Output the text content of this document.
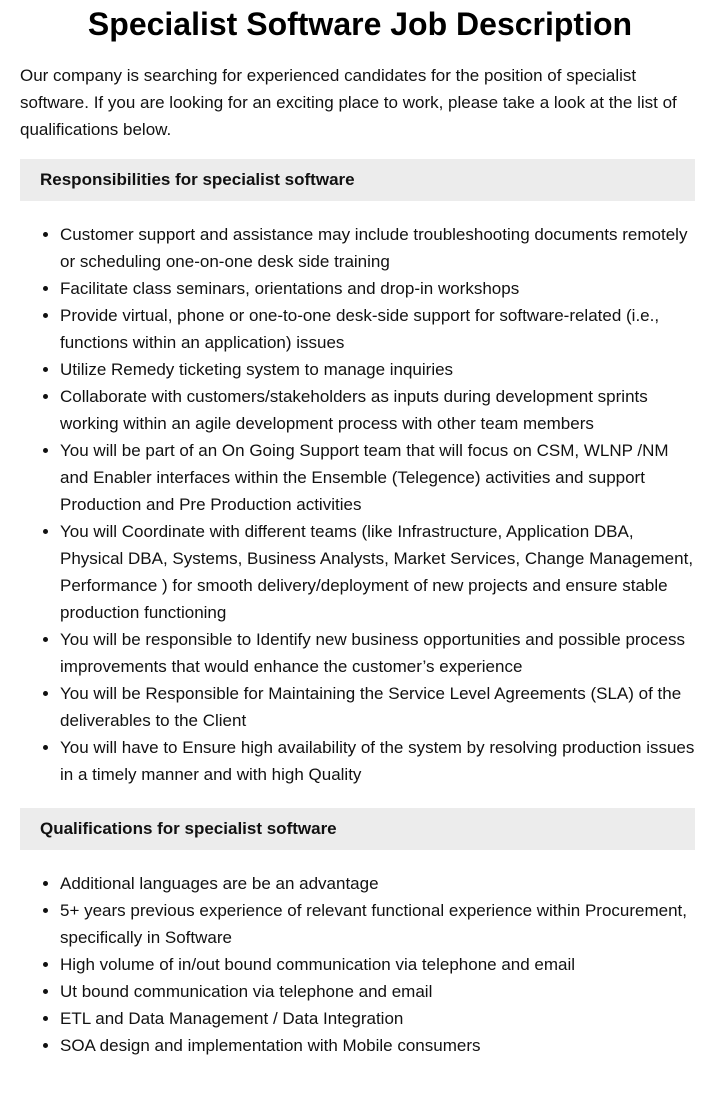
Specialist Software Job Description

Our company is searching for experienced candidates for the position of specialist software. If you are looking for an exciting place to work, please take a look at the list of qualifications below.

Responsibilities for specialist software
• Customer support and assistance may include troubleshooting documents remotely or scheduling one-on-one desk side training
• Facilitate class seminars, orientations and drop-in workshops
• Provide virtual, phone or one-to-one desk-side support for software-related (i.e., functions within an application) issues
• Utilize Remedy ticketing system to manage inquiries
• Collaborate with customers/stakeholders as inputs during development sprints working within an agile development process with other team members
• You will be part of an On Going Support team that will focus on CSM, WLNP /NM and Enabler interfaces within the Ensemble (Telegence) activities and support Production and Pre Production activities
• You will Coordinate with different teams (like Infrastructure, Application DBA, Physical DBA, Systems, Business Analysts, Market Services, Change Management, Performance ) for smooth delivery/deployment of new projects and ensure stable production functioning
• You will be responsible to Identify new business opportunities and possible process improvements that would enhance the customer’s experience
• You will be Responsible for Maintaining the Service Level Agreements (SLA) of the deliverables to the Client
• You will have to Ensure high availability of the system by resolving production issues in a timely manner and with high Quality
Qualifications for specialist software
• Additional languages are be an advantage
• 5+ years previous experience of relevant functional experience within Procurement, specifically in Software
• High volume of in/out bound communication via telephone and email
• Ut bound communication via telephone and email
• ETL and Data Management / Data Integration
• SOA design and implementation with Mobile consumers
